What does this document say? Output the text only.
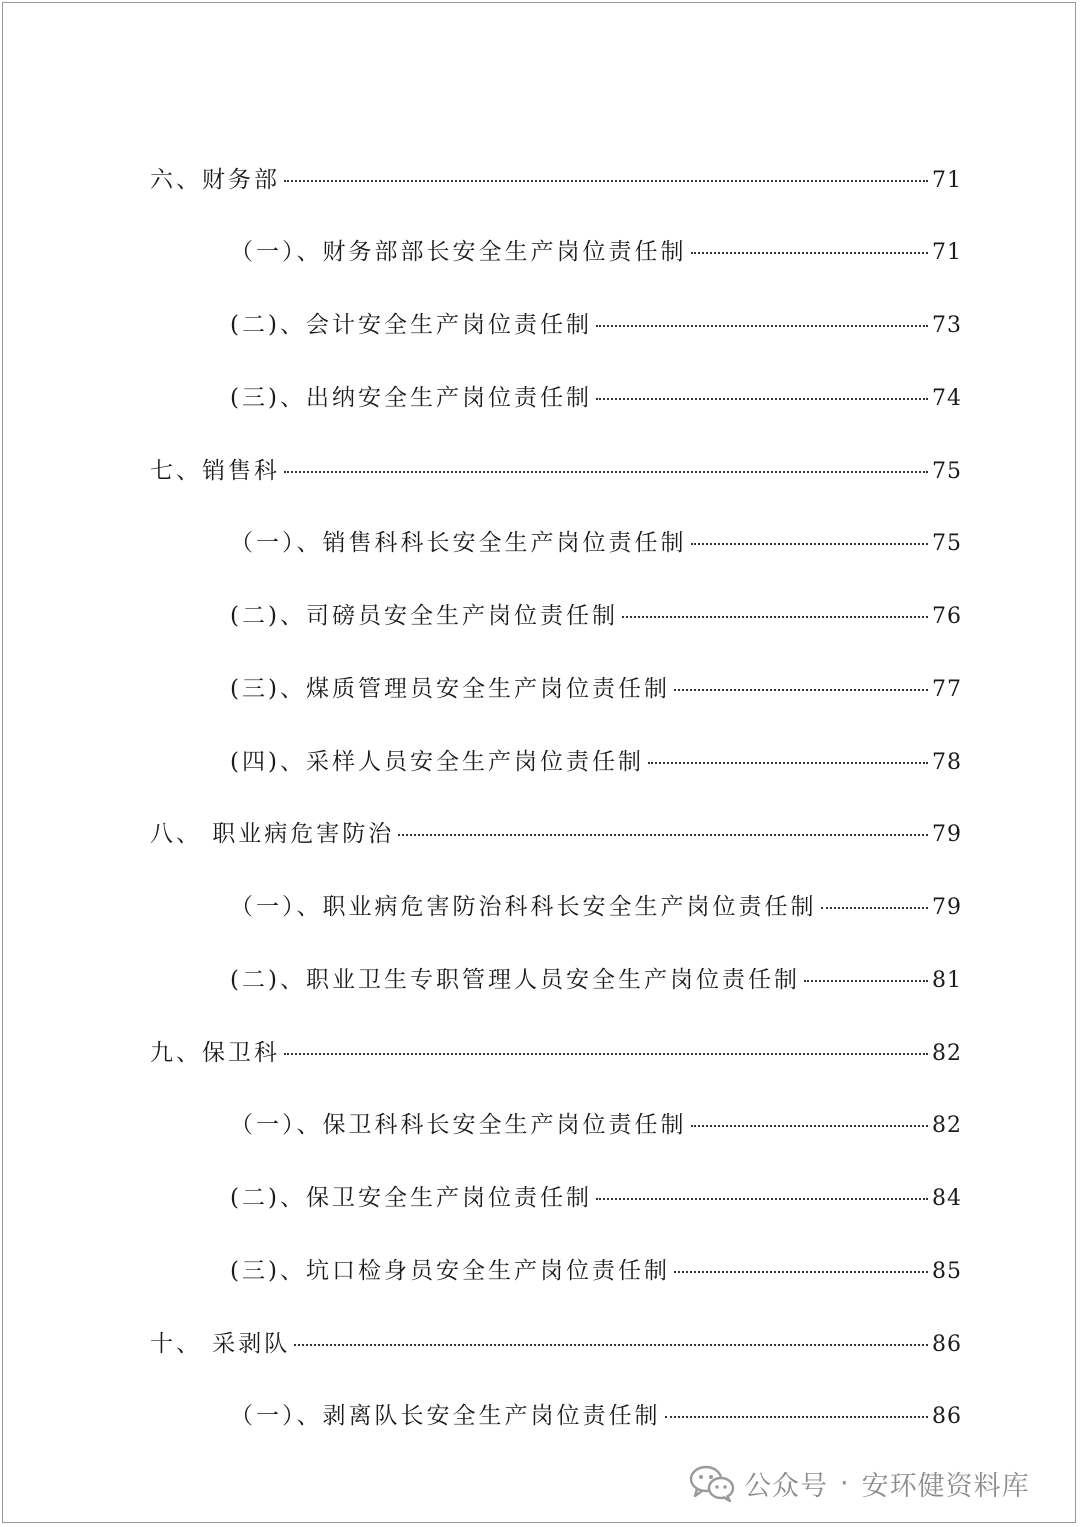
六、财务部	71
（一）、财务部部长安全生产岗位责任制	71
(二)、会计安全生产岗位责任制	73
(三)、出纳安全生产岗位责任制	74
七、销售科	75
（一）、销售科科长安全生产岗位责任制	75
(二)、司磅员安全生产岗位责任制	76
(三)、煤质管理员安全生产岗位责任制	77
(四)、采样人员安全生产岗位责任制	78
八、 职业病危害防治	79
（一）、职业病危害防治科科长安全生产岗位责任制	79
(二)、职业卫生专职管理人员安全生产岗位责任制	81
九、保卫科	82
（一）、保卫科科长安全生产岗位责任制	82
(二)、保卫安全生产岗位责任制	84
(三)、坑口检身员安全生产岗位责任制	85
十、 采剥队	86
（一）、剥离队长安全生产岗位责任制	86
公众号 · 安环健资料库
